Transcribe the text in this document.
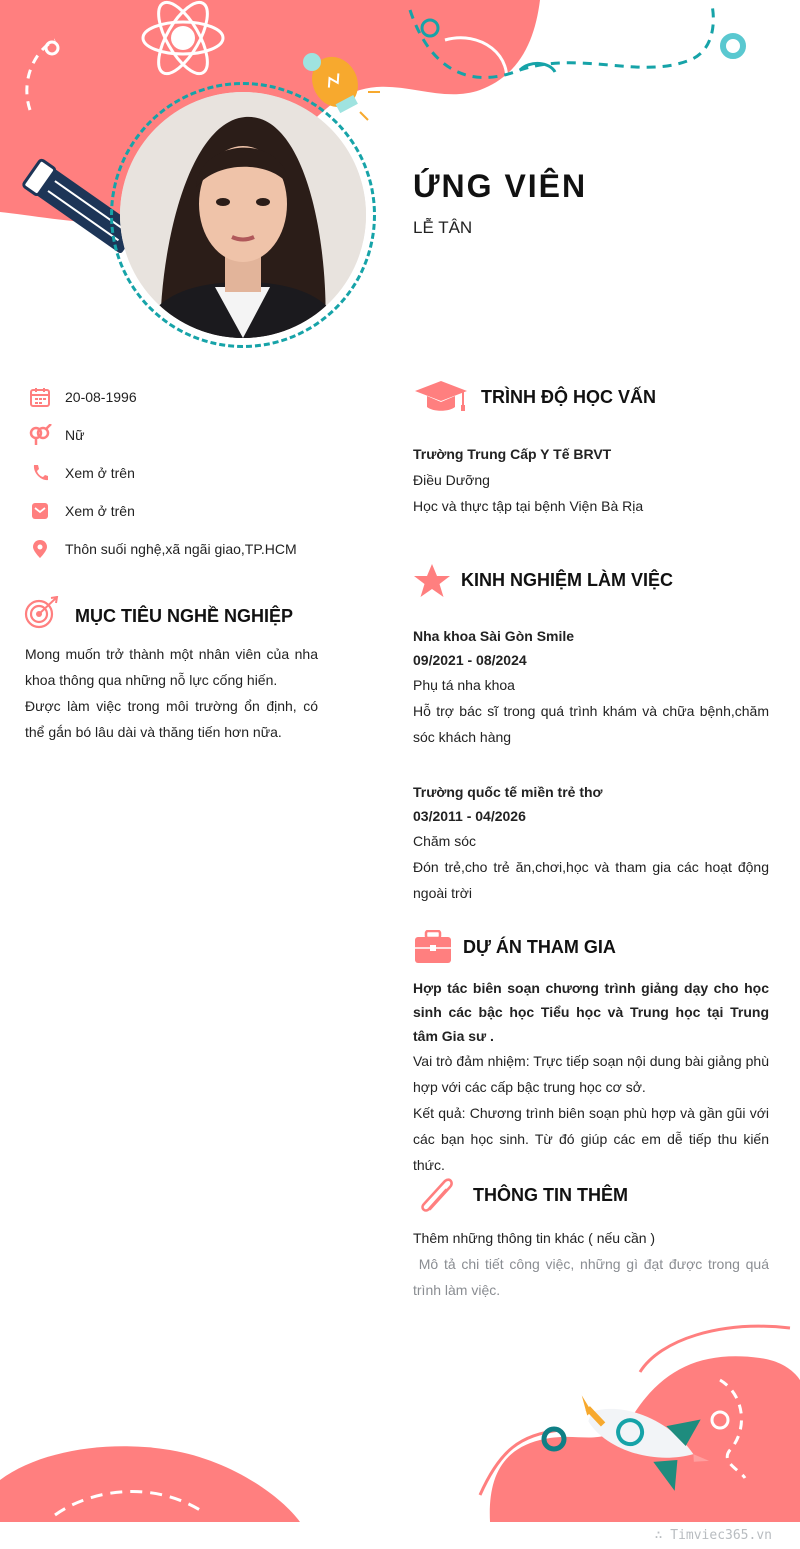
ỨNG VIÊN
LỄ TÂN
20-08-1996
Nữ
Xem ở trên
Xem ở trên
Thôn suối nghệ,xã ngãi giao,TP.HCM
MỤC TIÊU NGHỀ NGHIỆP
Mong muốn trở thành một nhân viên của nha khoa thông qua những nỗ lực cống hiến.
Được làm việc trong môi trường ổn định, có thể gắn bó lâu dài và thăng tiến hơn nữa.
TRÌNH ĐỘ HỌC VẤN
Trường Trung Cấp Y Tế BRVT
Điều Dưỡng
Học và thực tập tại bệnh Viện Bà Rịa
KINH NGHIỆM LÀM VIỆC
Nha khoa Sài Gòn Smile
09/2021 - 08/2024
Phụ tá nha khoa
Hỗ trợ bác sĩ trong quá trình khám và chữa bệnh,chăm sóc khách hàng
Trường quốc tế miền trẻ thơ
03/2011 - 04/2026
Chăm sóc
Đón trẻ,cho trẻ ăn,chơi,học và tham gia các hoạt động ngoài trời
DỰ ÁN THAM GIA
Hợp tác biên soạn chương trình giảng dạy cho học sinh các bậc học Tiểu học và Trung học tại Trung tâm Gia sư .
Vai trò đảm nhiệm: Trực tiếp soạn nội dung bài giảng phù hợp với các cấp bậc trung học cơ sở.
Kết quả: Chương trình biên soạn phù hợp và gần gũi với các bạn học sinh. Từ đó giúp các em dễ tiếp thu kiến thức.
THÔNG TIN THÊM
Thêm những thông tin khác ( nếu cần )
Mô tả chi tiết công việc, những gì đạt được trong quá trình làm việc.
∴ Timviec365.vn
